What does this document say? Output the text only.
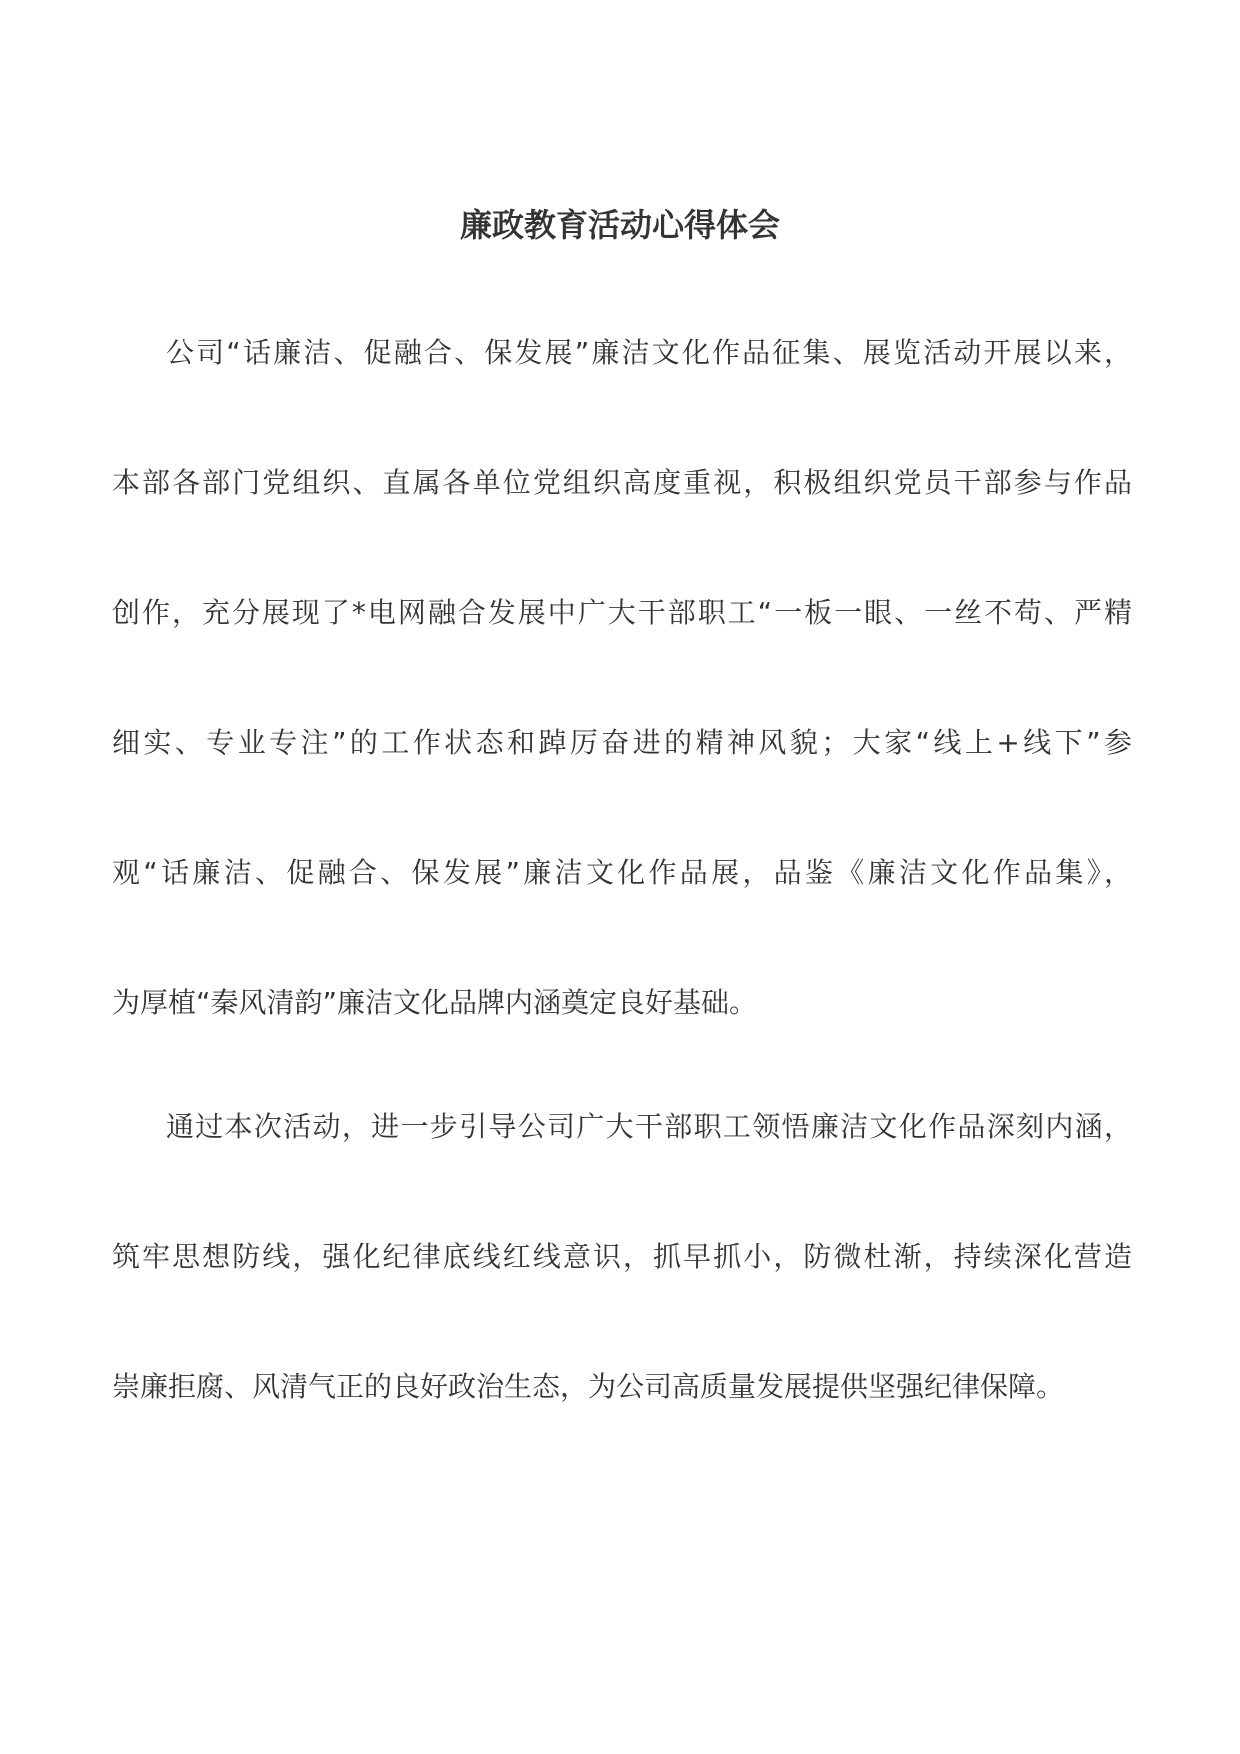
廉政教育活动心得体会
公司“话廉洁、促融合、保发展”廉洁文化作品征集、展览活动开展以来，
本部各部门党组织、直属各单位党组织高度重视，积极组织党员干部参与作品
创作，充分展现了*电网融合发展中广大干部职工“一板一眼、一丝不苟、严精
细实、专业专注”的工作状态和踔厉奋进的精神风貌；大家“线上+线下”参
观“话廉洁、促融合、保发展”廉洁文化作品展，品鉴《廉洁文化作品集》，
为厚植“秦风清韵”廉洁文化品牌内涵奠定良好基础。
通过本次活动，进一步引导公司广大干部职工领悟廉洁文化作品深刻内涵，
筑牢思想防线，强化纪律底线红线意识，抓早抓小，防微杜渐，持续深化营造
崇廉拒腐、风清气正的良好政治生态，为公司高质量发展提供坚强纪律保障。
